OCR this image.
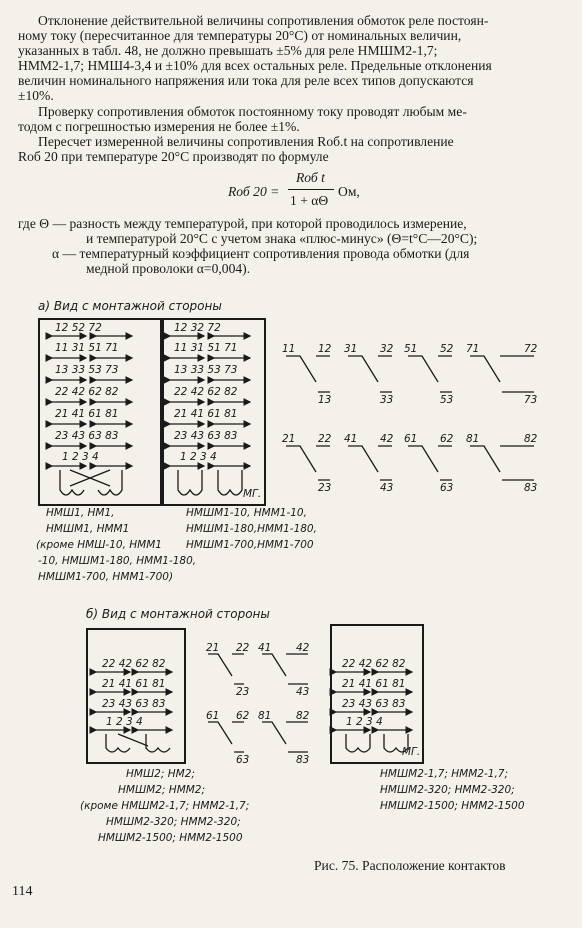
Отклонение действительной величины сопротивления обмоток реле постоян-
ному току (пересчитанное для температуры 20°С) от номинальных величин,
указанных в табл. 48, не должно превышать ±5% для реле НМШМ2-1,7;
НММ2-1,7; НМШ4-3,4 и ±10% для всех остальных реле. Предельные отклонения
величин номинального напряжения или тока для реле всех типов допускаются
±10%.
Проверку сопротивления обмоток постоянному току проводят любым ме-
тодом с погрешностью измерения не более ±1%.
Пересчет измеренной величины сопротивления Rоб.t на сопротивление
Rоб 20 при температуре 20°С производят по формуле
Rоб 20 =
Rоб t
1 + αΘ
Ом,
где Θ — разность между температурой, при которой проводилось измерение,
и температурой 20°С с учетом знака «плюс-минус» (Θ=t°С—20°С);
α — температурный коэффициент сопротивления провода обмотки (для
медной проволоки α=0,004).
а) Вид с монтажной стороны
12 52 72
11 31 51 71
13 33 53 73
22 42 62 82
21 41 61 81
23 43 63 83
1 2 3 4
12 32 72
11 31 51 71
13 33 53 73
22 42 62 82
21 41 61 81
23 43 63 83
1 2 3 4
МГ.
11 12
13
31 32
33
51 52
53
71	72
73
21 22
23
41 42
43
61 62
63
81	82
83
НМШ1, НМ1,
НМШМ1, НММ1
(кроме НМШ-10, НММ1
-10, НМШМ1-180, НММ1-180,
НМШМ1-700, НММ1-700)
НМШМ1-10, НММ1-10,
НМШМ1-180,НММ1-180,
НМШМ1-700,НММ1-700
б) Вид с монтажной стороны
22 42 62 82
21 41 61 81
23 43 63 83
1 2 3 4
22 42 62 82
21 41 61 81
23 43 63 83
1 2 3 4
МГ.
21 22
23
41 42
43
61 62
63
81 82
83
НМШ2; НМ2;
НМШМ2; НММ2;
(кроме НМШМ2-1,7; НММ2-1,7;
НМШМ2-320; НММ2-320;
НМШМ2-1500; НММ2-1500
НМШМ2-1,7; НММ2-1,7;
НМШМ2-320; НММ2-320;
НМШМ2-1500; НММ2-1500
Рис. 75. Расположение контактов
114
